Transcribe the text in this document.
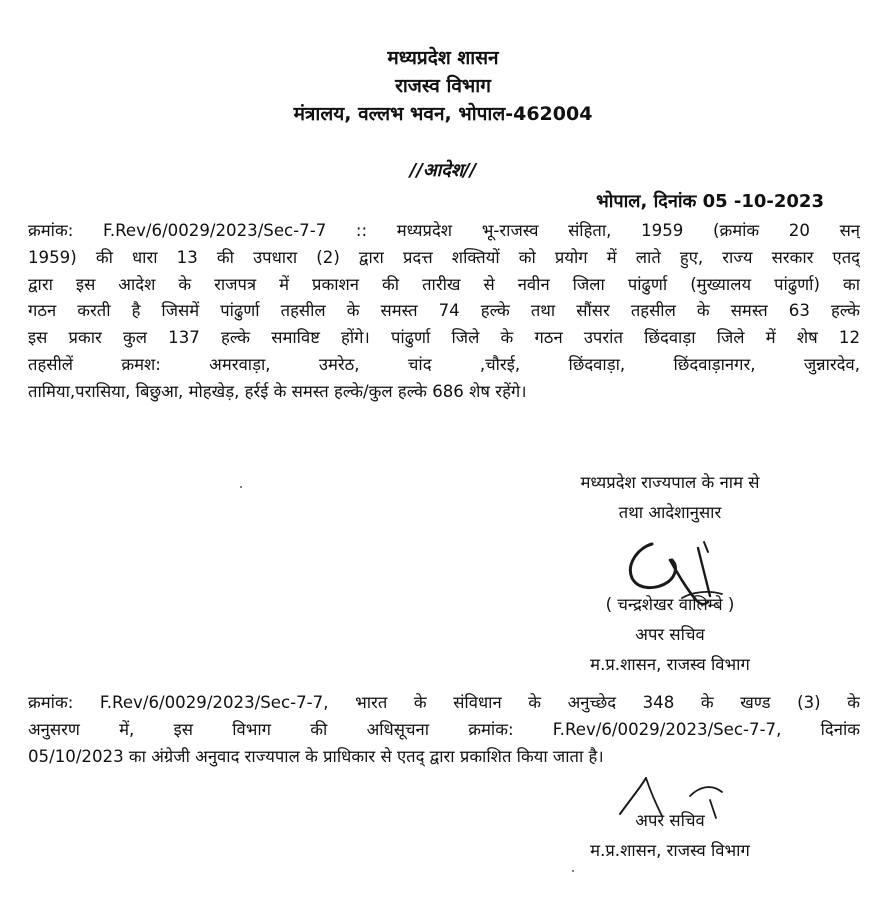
मध्यप्रदेश शासन
राजस्व विभाग
मंत्रालय, वल्लभ भवन, भोपाल-462004
//आदेश//
भोपाल, दिनांक 05 -10-2023
क्रमांक: F.Rev/6/0029/2023/Sec-7-7 :: मध्यप्रदेश भू-राजस्व संहिता, 1959 (क्रमांक 20 सन्
1959) की धारा 13 की उपधारा (2) द्वारा प्रदत्त शक्तियों को प्रयोग में लाते हुए, राज्य सरकार एतद्
द्वारा इस आदेश के राजपत्र में प्रकाशन की तारीख से नवीन जिला पांढुर्णा (मुख्यालय पांढुर्णा) का
गठन करती है जिसमें पांढुर्णा तहसील के समस्त 74 हल्के तथा सौंसर तहसील के समस्त 63 हल्के
इस प्रकार कुल 137 हल्के समाविष्ट होंगे। पांढुर्णा जिले के गठन उपरांत छिंदवाड़ा जिले में शेष 12
तहसीलें क्रमश: अमरवाड़ा, उमरेठ, चांद ,चौरई, छिंदवाड़ा, छिंदवाड़ानगर, जुन्नारदेव,
तामिया,परासिया, बिछुआ, मोहखेड़, हर्रई के समस्त हल्के/कुल हल्के 686 शेष रहेंगे।
मध्यप्रदेश राज्यपाल के नाम से
तथा आदेशानुसार
( चन्द्रशेखर वालिम्बे )
अपर सचिव
म.प्र.शासन, राजस्व विभाग
क्रमांक: F.Rev/6/0029/2023/Sec-7-7, भारत के संविधान के अनुच्छेद 348 के खण्ड (3) के
अनुसरण में, इस विभाग की अधिसूचना क्रमांक: F.Rev/6/0029/2023/Sec-7-7, दिनांक
05/10/2023 का अंग्रेजी अनुवाद राज्यपाल के प्राधिकार से एतद् द्वारा प्रकाशित किया जाता है।
अपर सचिव
म.प्र.शासन, राजस्व विभाग
